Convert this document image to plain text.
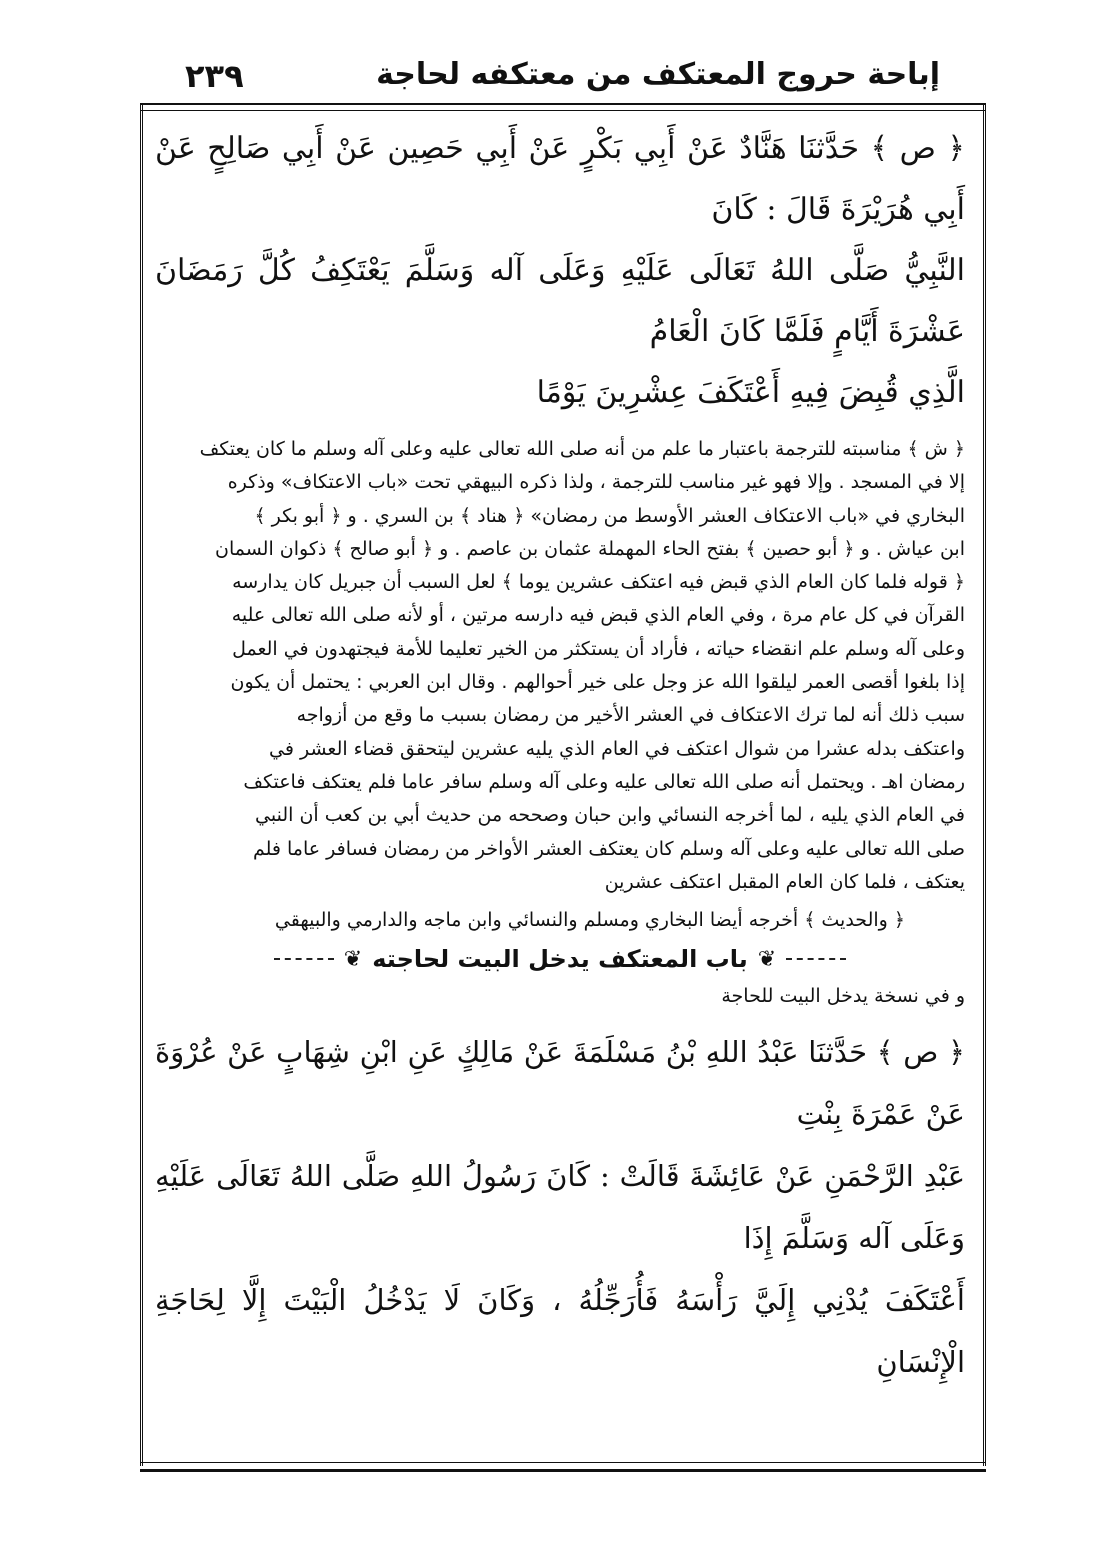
٢٣٩	إباحة حروج المعتكف من معتكفه لحاجة

﴿ ص ﴾ حَدَّثنَا هَنَّادٌ عَنْ أَبِي بَكْرٍ عَنْ أَبِي حَصِين عَنْ أَبِي صَالِحٍ عَنْ أَبِي هُرَيْرَةَ قَالَ : كَانَ

النَّبِيُّ صَلَّى اللهُ تَعَالَى عَلَيْهِ وَعَلَى آله وَسَلَّمَ يَعْتَكِفُ كُلَّ رَمَضَانَ عَشْرَةَ أَيَّامٍ فَلَمَّا كَانَ الْعَامُ

الَّذِي قُبِضَ فِيهِ أَعْتَكَفَ عِشْرِينَ يَوْمًا

﴿ ش ﴾ مناسبته للترجمة باعتبار ما علم من أنه صلى الله تعالى عليه وعلى آله وسلم ما كان يعتكف

إلا في المسجد . وإلا فهو غير مناسب للترجمة ، ولذا ذكره البيهقي تحت «باب الاعتكاف» وذكره

البخاري في «باب الاعتكاف العشر الأوسط من رمضان» ﴿ هناد ﴾ بن السري . و ﴿ أبو بكر ﴾

ابن عياش . و ﴿ أبو حصين ﴾ بفتح الحاء المهملة عثمان بن عاصم . و ﴿ أبو صالح ﴾ ذكوان السمان

﴿ قوله فلما كان العام الذي قبض فيه اعتكف عشرين يوما ﴾ لعل السبب أن جبريل كان يدارسه

القرآن في كل عام مرة ، وفي العام الذي قبض فيه دارسه مرتين ، أو لأنه صلى الله تعالى عليه

وعلى آله وسلم علم انقضاء حياته ، فأراد أن يستكثر من الخير تعليما للأمة فيجتهدون في العمل

إذا بلغوا أقصى العمر ليلقوا الله عز وجل على خير أحوالهم . وقال ابن العربي : يحتمل أن يكون

سبب ذلك أنه لما ترك الاعتكاف في العشر الأخير من رمضان بسبب ما وقع من أزواجه

واعتكف بدله عشرا من شوال اعتكف في العام الذي يليه عشرين ليتحقق قضاء العشر في

رمضان اهـ . ويحتمل أنه صلى الله تعالى عليه وعلى آله وسلم سافر عاما فلم يعتكف فاعتكف

في العام الذي يليه ، لما أخرجه النسائي وابن حبان وصححه من حديث أبي بن كعب أن النبي

صلى الله تعالى عليه وعلى آله وسلم كان يعتكف العشر الأواخر من رمضان فسافر عاما فلم

يعتكف ، فلما كان العام المقبل اعتكف عشرين

﴿ والحديث ﴾ أخرجه أيضا البخاري ومسلم والنسائي وابن ماجه والدارمي والبيهقي
❦
باب المعتكف يدخل البيت لحاجته
❦
و في نسخة يدخل البيت للحاجة

﴿ ص ﴾ حَدَّثنَا عَبْدُ اللهِ بْنُ مَسْلَمَةَ عَنْ مَالِكٍ عَنِ ابْنِ شِهَابٍ عَنْ عُرْوَةَ عَنْ عَمْرَةَ بِنْتِ

عَبْدِ الرَّحْمَنِ عَنْ عَائِشَةَ قَالَتْ : كَانَ رَسُولُ اللهِ صَلَّى اللهُ تَعَالَى عَلَيْهِ وَعَلَى آله وَسَلَّمَ إِذَا

أَعْتَكَفَ يُدْنِي إِلَيَّ رَأْسَهُ فَأُرَجِّلُهُ ، وَكَانَ لَا يَدْخُلُ الْبَيْتَ إِلَّا لِحَاجَةِ الْإِنْسَانِ
